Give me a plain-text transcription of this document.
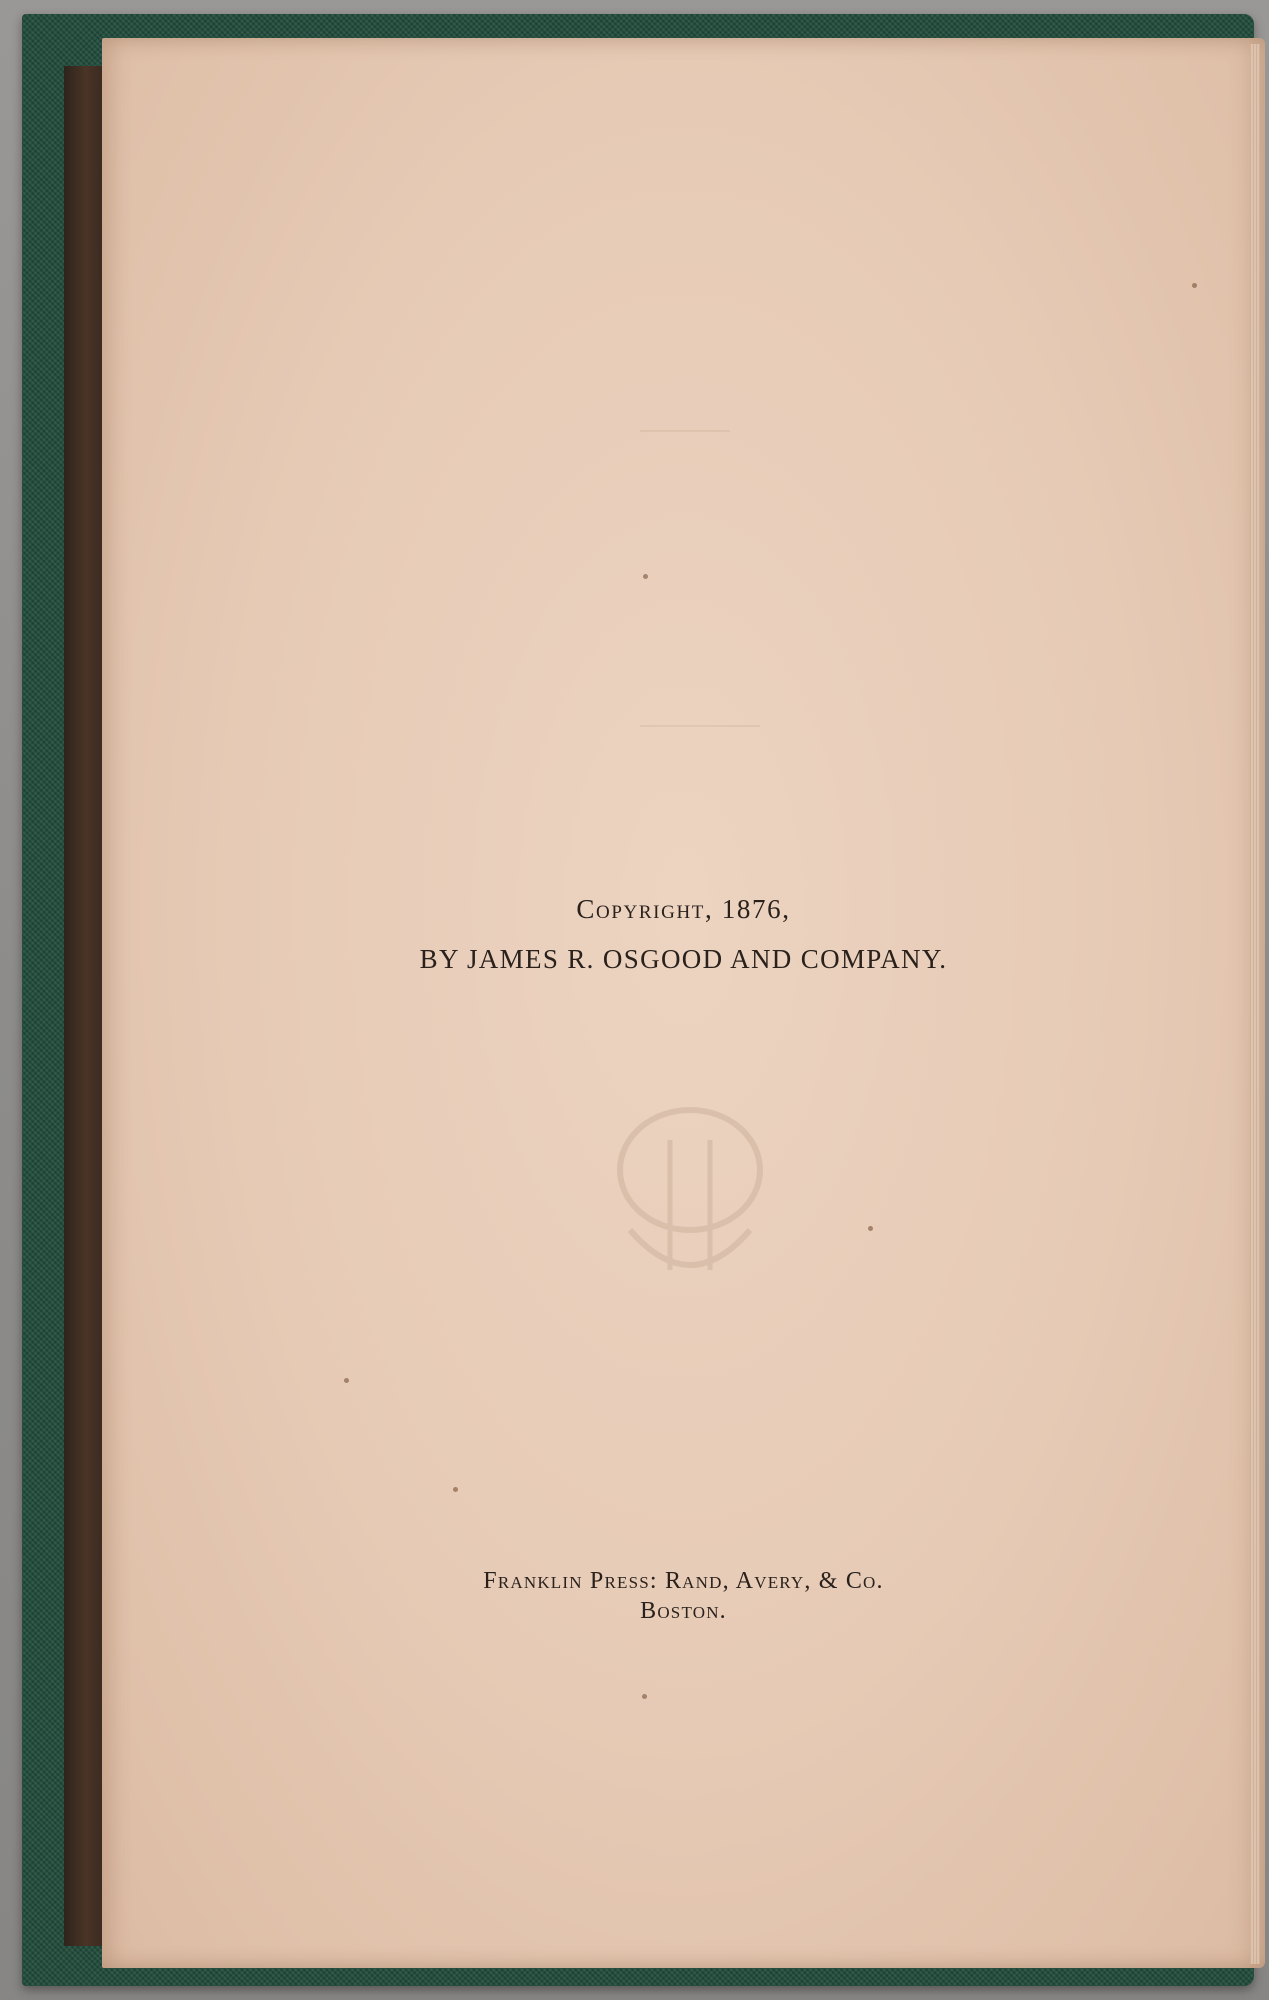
Copyright, 1876,
BY JAMES R. OSGOOD AND COMPANY.
Franklin Press: Rand, Avery, & Co.
Boston.
